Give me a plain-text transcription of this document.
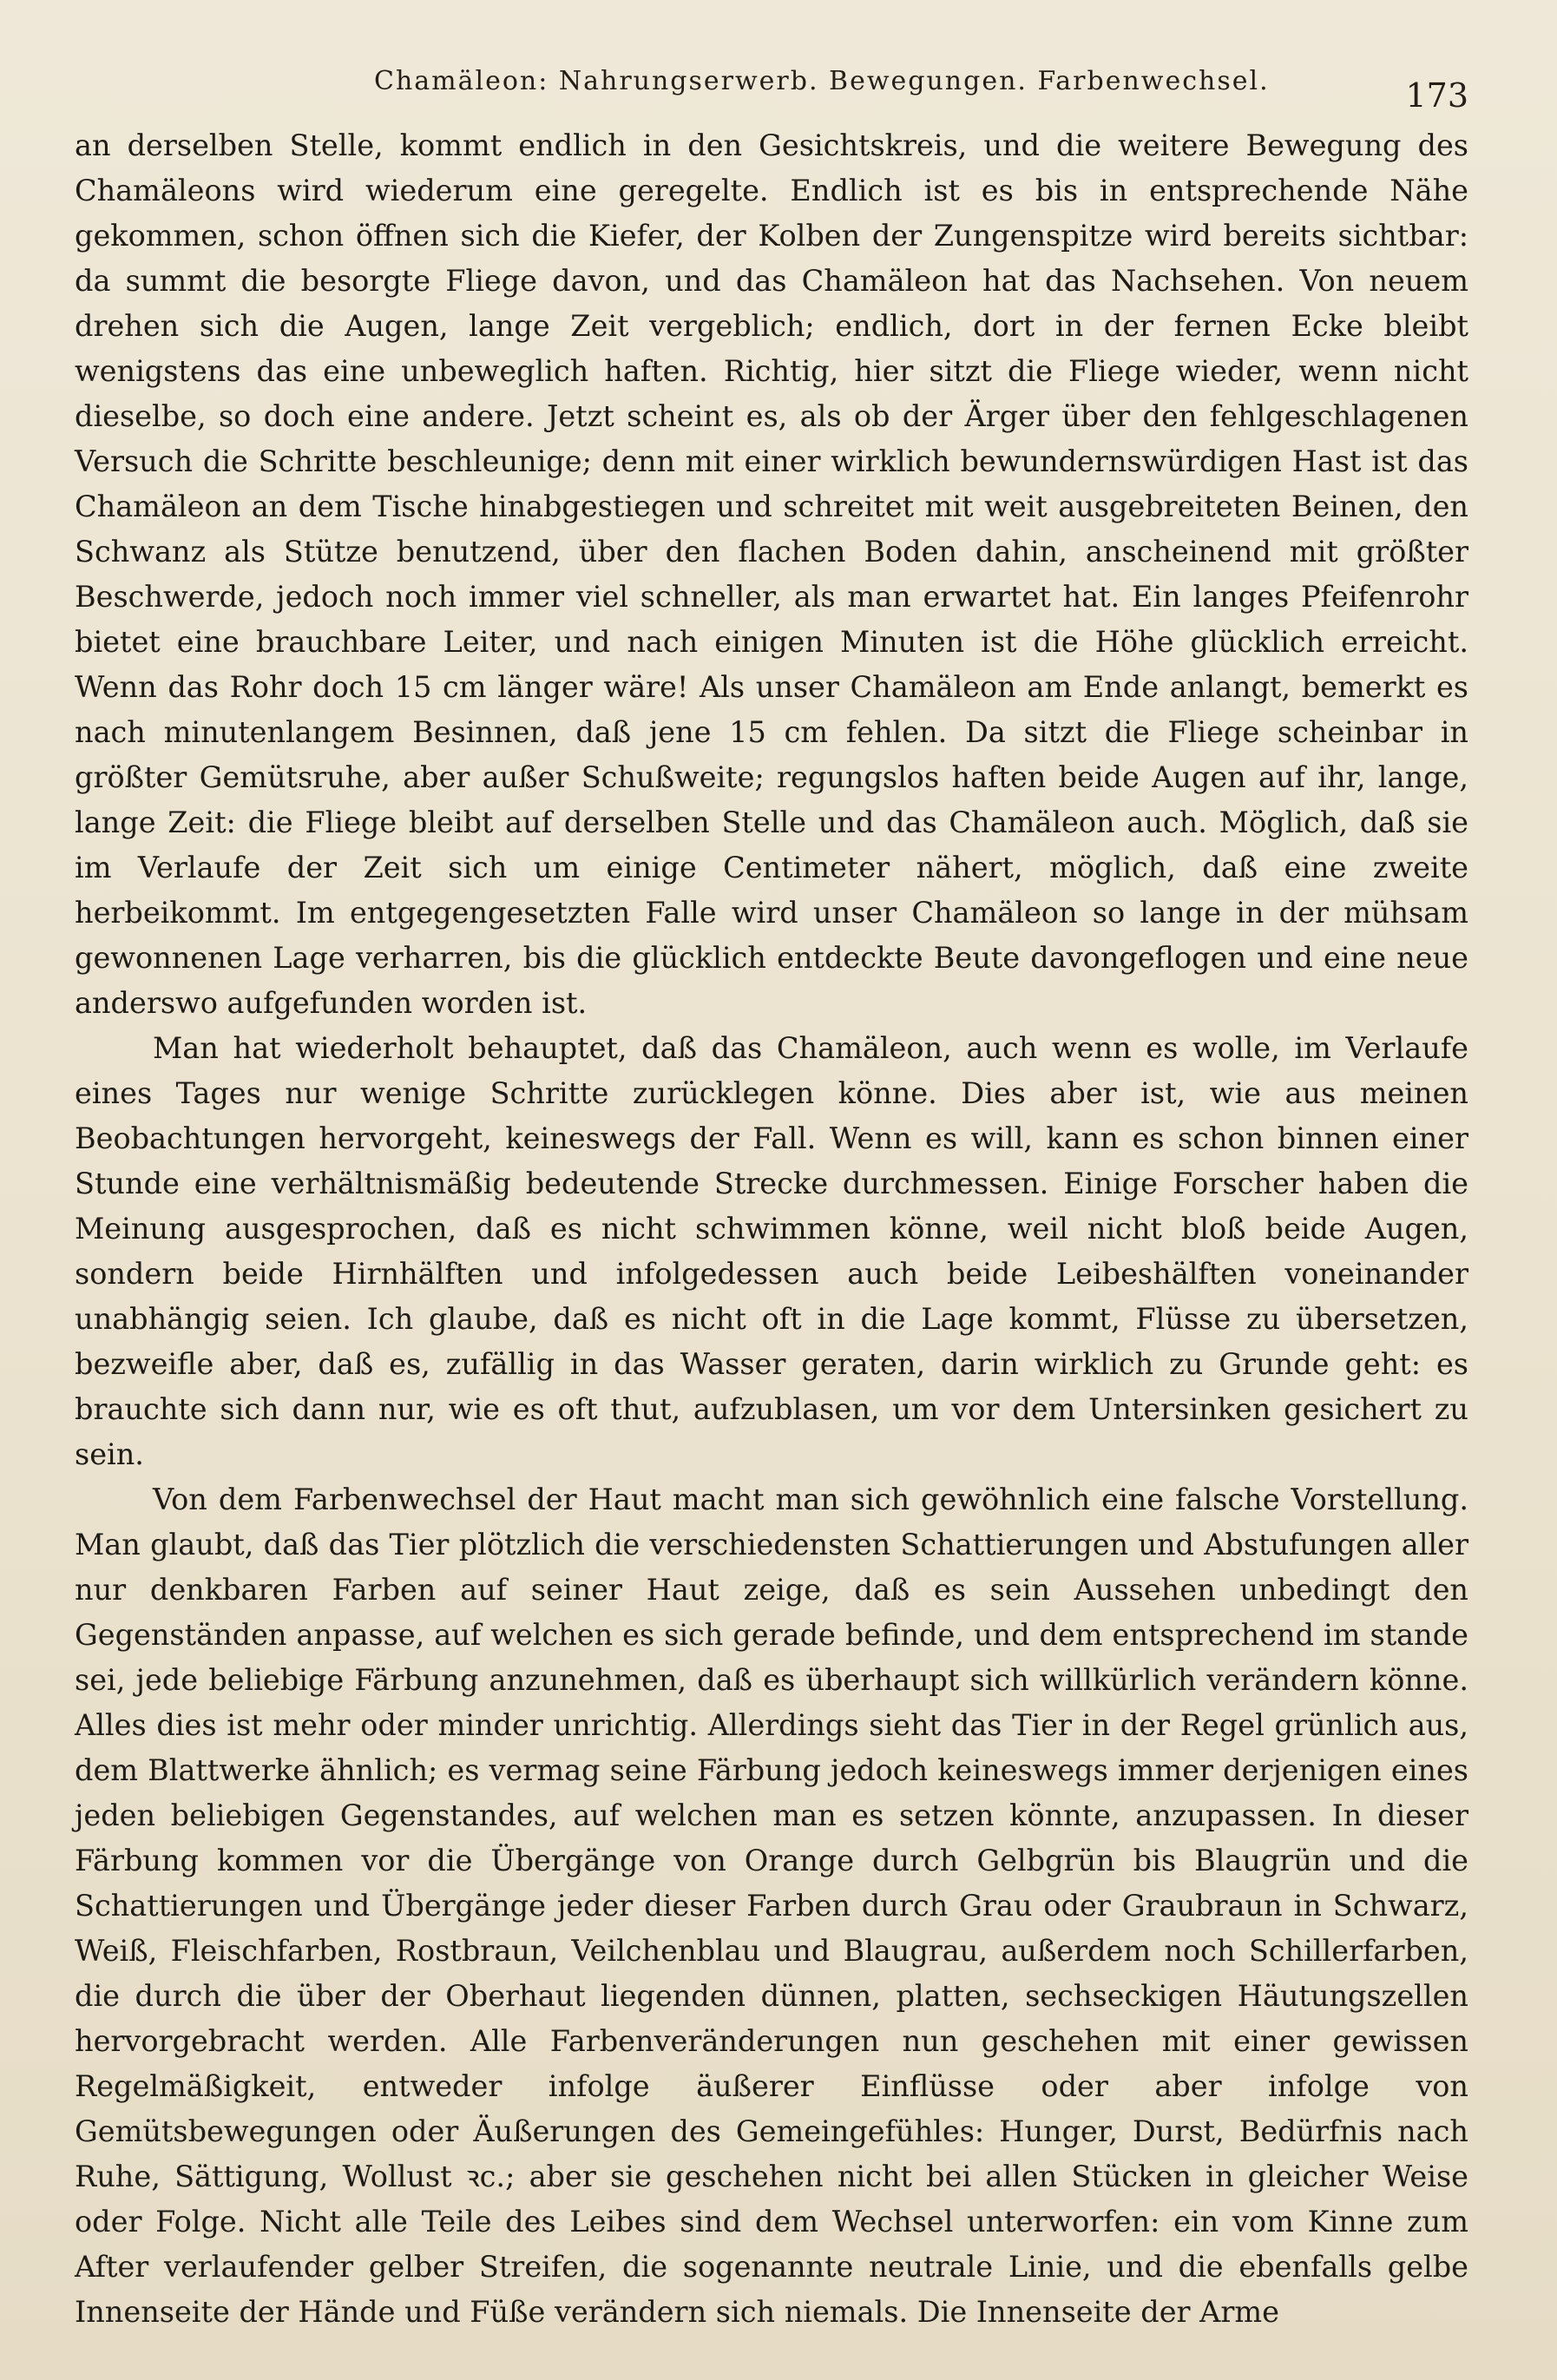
Chamäleon: Nahrungserwerb. Bewegungen. Farbenwechsel.	173

an derselben Stelle, kommt endlich in den Gesichtskreis, und die weitere Bewegung des Chamäleons wird wiederum eine geregelte. Endlich ist es bis in entsprechende Nähe gekommen, schon öffnen sich die Kiefer, der Kolben der Zungenspitze wird bereits sichtbar: da summt die besorgte Fliege davon, und das Chamäleon hat das Nachsehen. Von neuem drehen sich die Augen, lange Zeit vergeblich; endlich, dort in der fernen Ecke bleibt wenigstens das eine unbeweglich haften. Richtig, hier sitzt die Fliege wieder, wenn nicht dieselbe, so doch eine andere. Jetzt scheint es, als ob der Ärger über den fehlgeschlagenen Versuch die Schritte beschleunige; denn mit einer wirklich bewundernswürdigen Hast ist das Chamäleon an dem Tische hinabgestiegen und schreitet mit weit ausgebreiteten Beinen, den Schwanz als Stütze benutzend, über den flachen Boden dahin, anscheinend mit größter Beschwerde, jedoch noch immer viel schneller, als man erwartet hat. Ein langes Pfeifenrohr bietet eine brauchbare Leiter, und nach einigen Minuten ist die Höhe glücklich erreicht. Wenn das Rohr doch 15 cm länger wäre! Als unser Chamäleon am Ende anlangt, bemerkt es nach minutenlangem Besinnen, daß jene 15 cm fehlen. Da sitzt die Fliege scheinbar in größter Gemütsruhe, aber außer Schußweite; regungslos haften beide Augen auf ihr, lange, lange Zeit: die Fliege bleibt auf derselben Stelle und das Chamäleon auch. Möglich, daß sie im Verlaufe der Zeit sich um einige Centimeter nähert, möglich, daß eine zweite herbeikommt. Im entgegengesetzten Falle wird unser Chamäleon so lange in der mühsam gewonnenen Lage verharren, bis die glücklich entdeckte Beute davongeflogen und eine neue anderswo aufgefunden worden ist.

Man hat wiederholt behauptet, daß das Chamäleon, auch wenn es wolle, im Verlaufe eines Tages nur wenige Schritte zurücklegen könne. Dies aber ist, wie aus meinen Beobachtungen hervorgeht, keineswegs der Fall. Wenn es will, kann es schon binnen einer Stunde eine verhältnismäßig bedeutende Strecke durchmessen. Einige Forscher haben die Meinung ausgesprochen, daß es nicht schwimmen könne, weil nicht bloß beide Augen, sondern beide Hirnhälften und infolgedessen auch beide Leibeshälften voneinander unabhängig seien. Ich glaube, daß es nicht oft in die Lage kommt, Flüsse zu übersetzen, bezweifle aber, daß es, zufällig in das Wasser geraten, darin wirklich zu Grunde geht: es brauchte sich dann nur, wie es oft thut, aufzublasen, um vor dem Untersinken gesichert zu sein.

Von dem Farbenwechsel der Haut macht man sich gewöhnlich eine falsche Vorstellung. Man glaubt, daß das Tier plötzlich die verschiedensten Schattierungen und Abstufungen aller nur denkbaren Farben auf seiner Haut zeige, daß es sein Aussehen unbedingt den Gegenständen anpasse, auf welchen es sich gerade befinde, und dem entsprechend im stande sei, jede beliebige Färbung anzunehmen, daß es überhaupt sich willkürlich verändern könne. Alles dies ist mehr oder minder unrichtig. Allerdings sieht das Tier in der Regel grünlich aus, dem Blattwerke ähnlich; es vermag seine Färbung jedoch keineswegs immer derjenigen eines jeden beliebigen Gegenstandes, auf welchen man es setzen könnte, anzupassen. In dieser Färbung kommen vor die Übergänge von Orange durch Gelbgrün bis Blaugrün und die Schattierungen und Übergänge jeder dieser Farben durch Grau oder Graubraun in Schwarz, Weiß, Fleischfarben, Rostbraun, Veilchenblau und Blaugrau, außerdem noch Schillerfarben, die durch die über der Oberhaut liegenden dünnen, platten, sechseckigen Häutungszellen hervorgebracht werden. Alle Farbenveränderungen nun geschehen mit einer gewissen Regelmäßigkeit, entweder infolge äußerer Einflüsse oder aber infolge von Gemütsbewegungen oder Äußerungen des Gemeingefühles: Hunger, Durst, Bedürfnis nach Ruhe, Sättigung, Wollust ꝛc.; aber sie geschehen nicht bei allen Stücken in gleicher Weise oder Folge. Nicht alle Teile des Leibes sind dem Wechsel unterworfen: ein vom Kinne zum After verlaufender gelber Streifen, die sogenannte neutrale Linie, und die ebenfalls gelbe Innenseite der Hände und Füße verändern sich niemals. Die Innenseite der Arme
